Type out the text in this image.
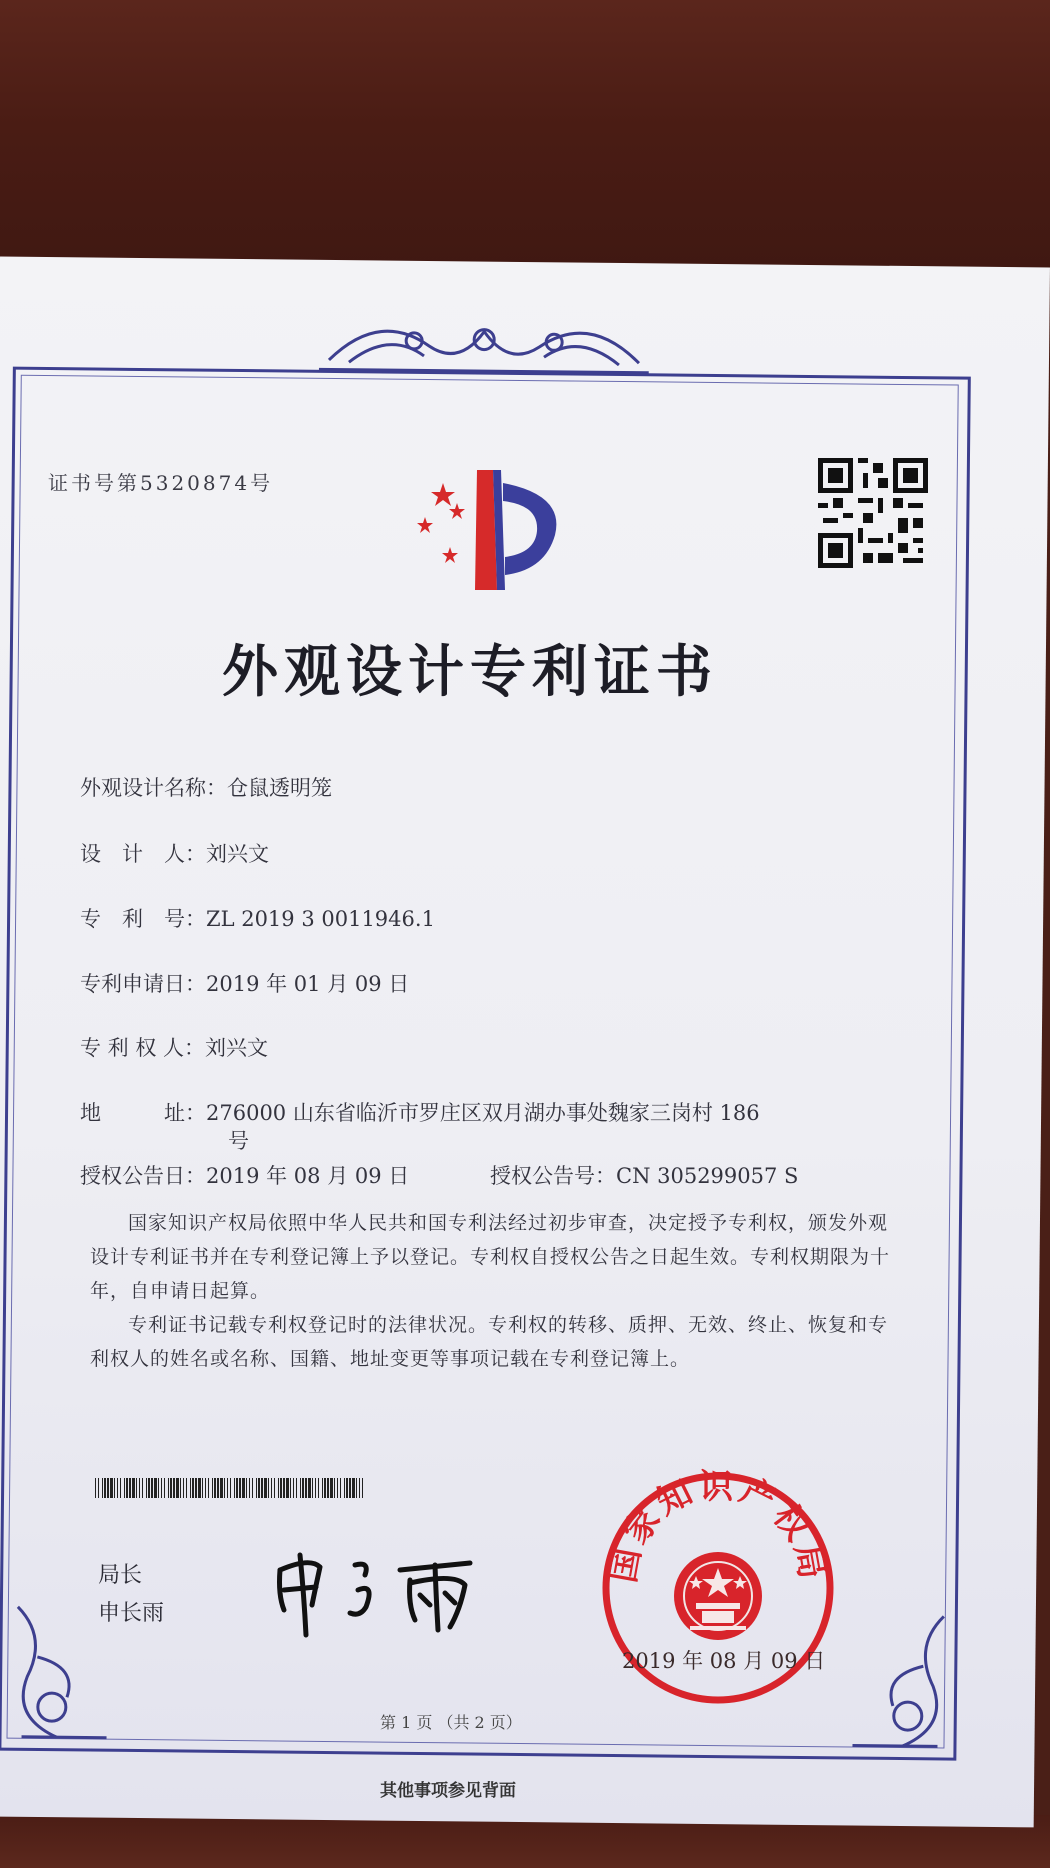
证书号第5320874号
外观设计专利证书
外观设计名称：仓鼠透明笼
设　计　人：刘兴文
专　利　号：ZL 2019 3 0011946.1
专利申请日：2019 年 01 月 09 日
专 利 权 人：刘兴文
地　　　址：276000 山东省临沂市罗庄区双月湖办事处魏家三岗村 186
号
授权公告日：2019 年 08 月 09 日	授权公告号：CN 305299057 S
国家知识产权局依照中华人民共和国专利法经过初步审查，决定授予专利权，颁发外观设计专利证书并在专利登记簿上予以登记。专利权自授权公告之日起生效。专利权期限为十年，自申请日起算。
专利证书记载专利权登记时的法律状况。专利权的转移、质押、无效、终止、恢复和专利权人的姓名或名称、国籍、地址变更等事项记载在专利登记簿上。
局长
申长雨
国家知识产权局
2019 年 08 月 09 日
第 1 页 （共 2 页）
其他事项参见背面
